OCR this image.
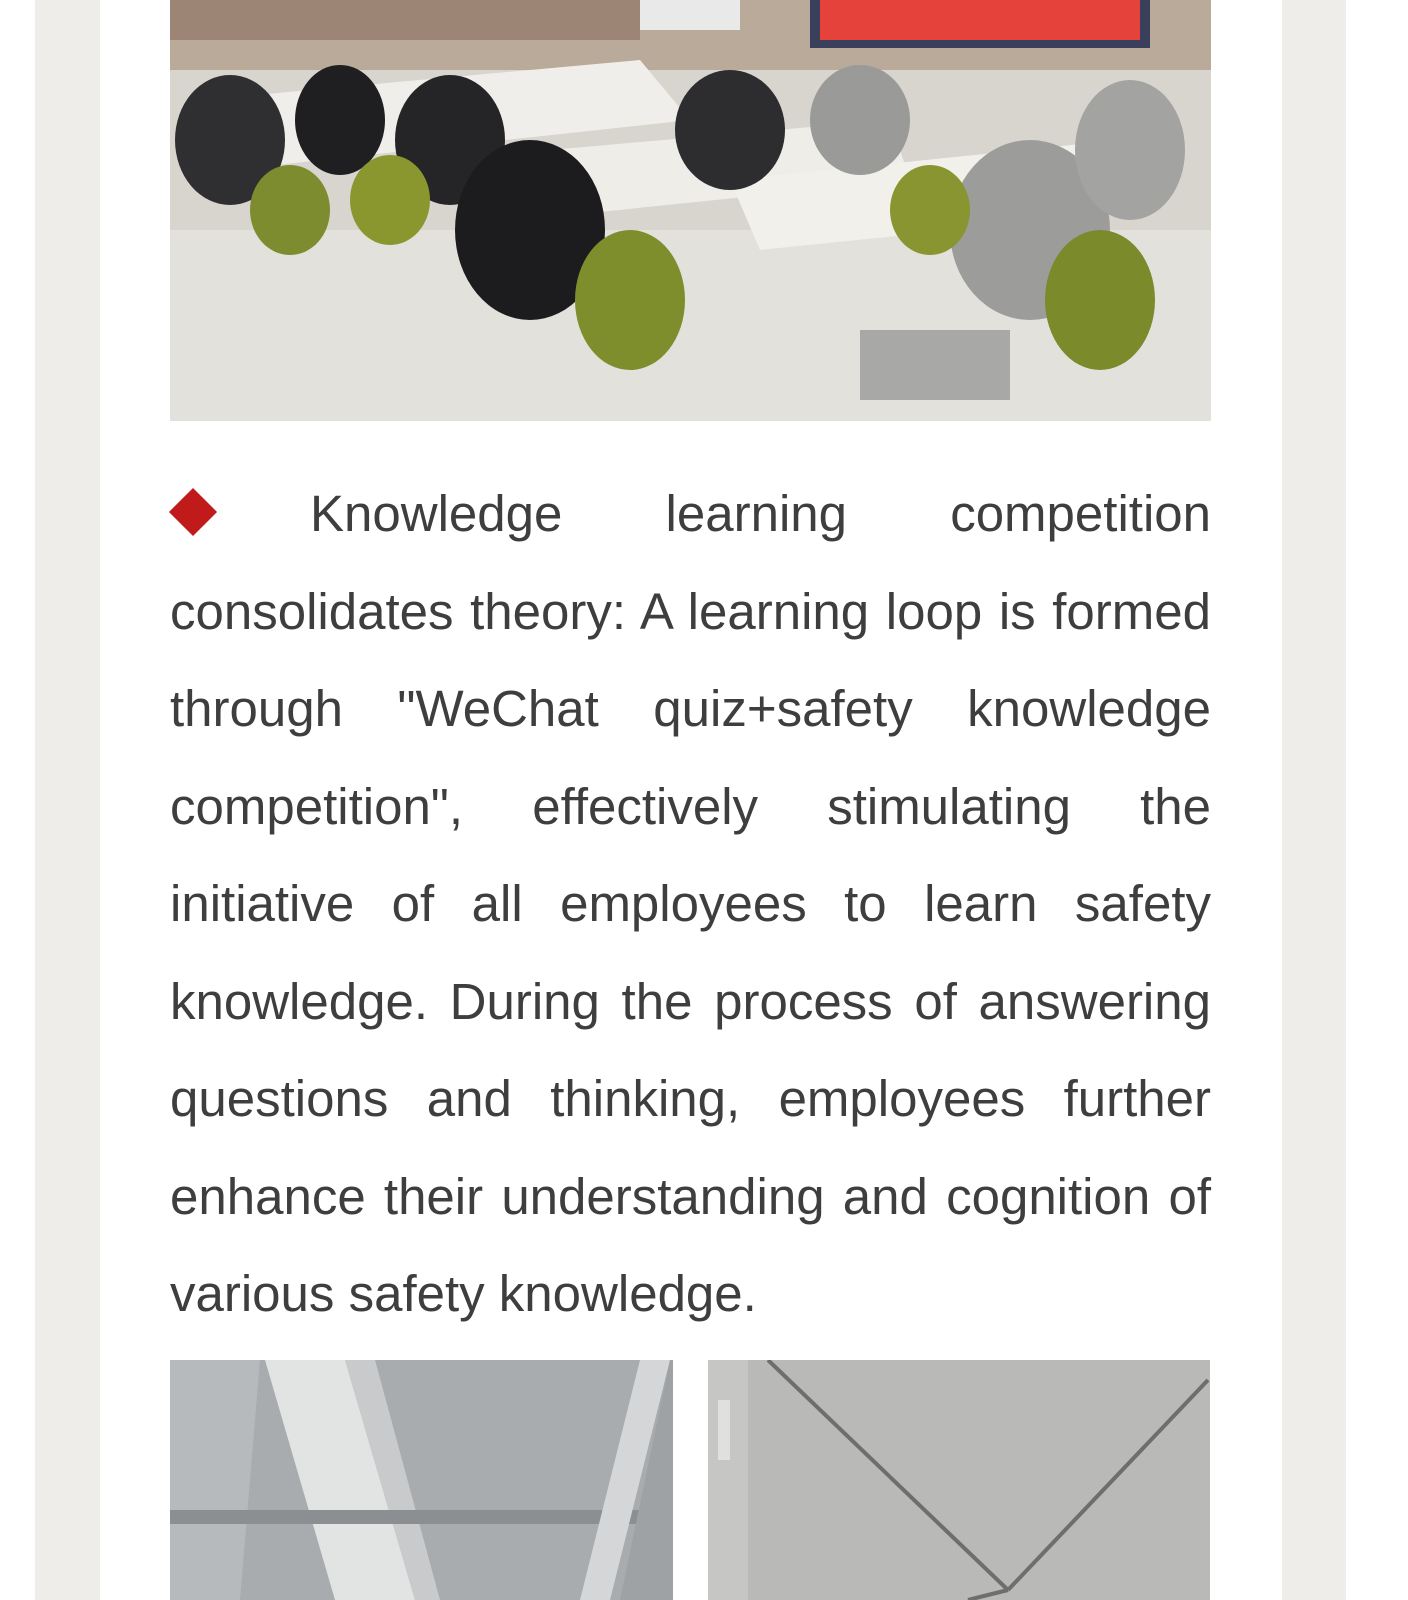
Knowledge learning competition consolidates theory: A learning loop is formed through "WeChat quiz+safety knowledge competition", effectively stimulating the initiative of all employees to learn safety knowledge. During the process of answering questions and thinking, employees further enhance their understanding and cognition of various safety knowledge.
